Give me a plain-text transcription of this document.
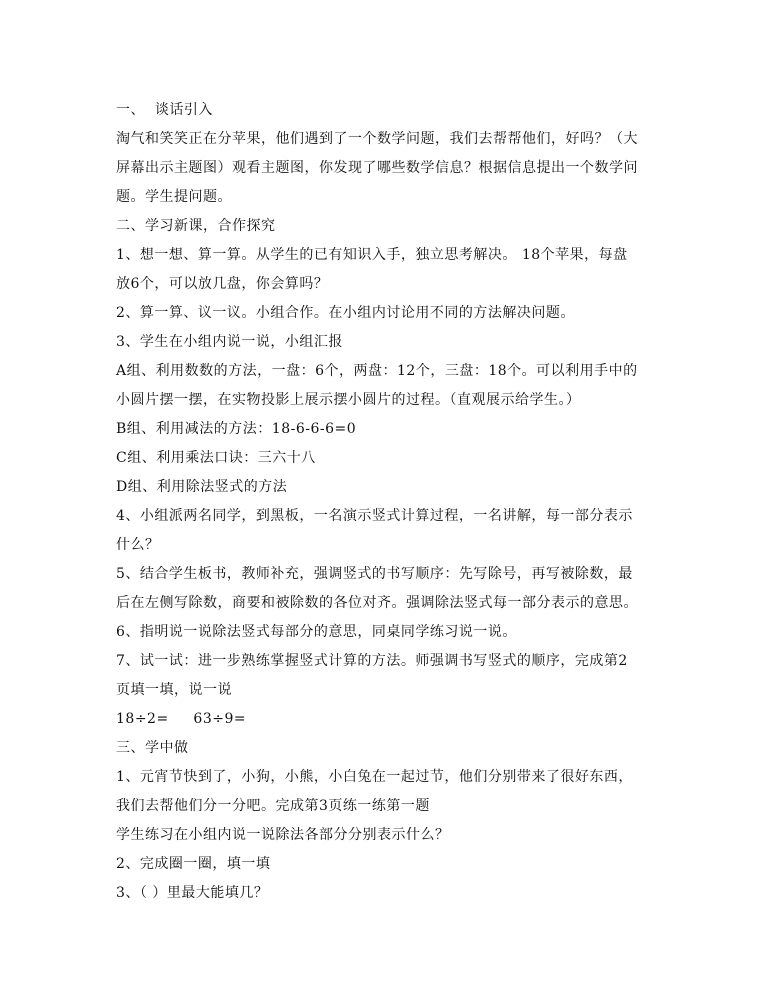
一、  谈话引入
淘气和笑笑正在分苹果，他们遇到了一个数学问题，我们去帮帮他们，好吗？（大
屏幕出示主题图）观看主题图，你发现了哪些数学信息？根据信息提出一个数学问
题。学生提问题。
二、学习新课，合作探究
1、想一想、算一算。从学生的已有知识入手，独立思考解决。 18个苹果，每盘
放6个，可以放几盘，你会算吗？
2、算一算、议一议。小组合作。在小组内讨论用不同的方法解决问题。
3、学生在小组内说一说，小组汇报
A组、利用数数的方法，一盘：6个，两盘：12个，三盘：18个。可以利用手中的
小圆片摆一摆，在实物投影上展示摆小圆片的过程。（直观展示给学生。）
B组、利用减法的方法：18-6-6-6=0
C组、利用乘法口诀：三六十八
D组、利用除法竖式的方法
4、小组派两名同学，到黑板，一名演示竖式计算过程，一名讲解，每一部分表示
什么？
5、结合学生板书，教师补充，强调竖式的书写顺序：先写除号，再写被除数，最
后在左侧写除数，商要和被除数的各位对齐。强调除法竖式每一部分表示的意思。
6、指明说一说除法竖式每部分的意思，同桌同学练习说一说。
7、试一试：进一步熟练掌握竖式计算的方法。师强调书写竖式的顺序，完成第2
页填一填，说一说
18÷2=     63÷9=
三、学中做
1、元宵节快到了，小狗，小熊，小白兔在一起过节，他们分别带来了很好东西，
我们去帮他们分一分吧。完成第3页练一练第一题
学生练习在小组内说一说除法各部分分别表示什么？
2、完成圈一圈，填一填
3、（ ）里最大能填几？
